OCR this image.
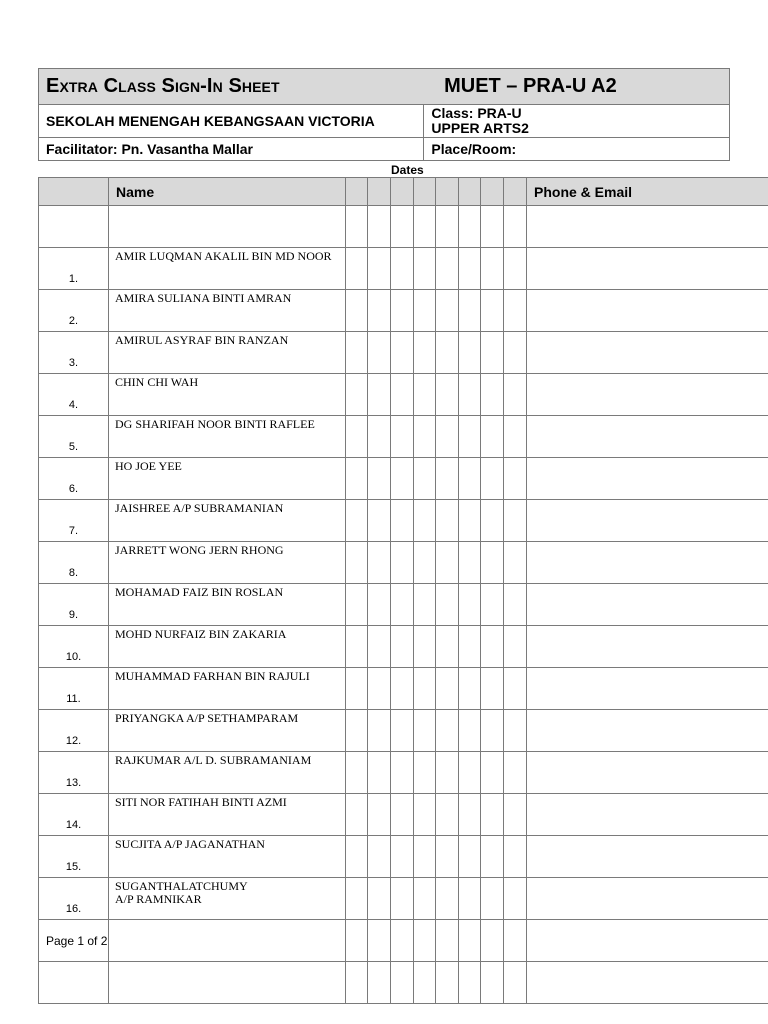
Extra Class Sign-In Sheet MUET – PRA-U A2	
SEKOLAH MENENGAH KEBANGSAAN VICTORIA	Class: PRA-U
UPPER ARTS2

Facilitator: Pn. Vasantha Mallar	Place/Room:
Dates
	Name									Phone & Email

1.	AMIR LUQMAN AKALIL BIN MD NOOR									
2.	AMIRA SULIANA BINTI AMRAN									
3.	AMIRUL ASYRAF BIN RANZAN									
4.	CHIN CHI WAH									
5.	DG SHARIFAH NOOR BINTI RAFLEE									
6.	HO JOE YEE									
7.	JAISHREE A/P SUBRAMANIAN									
8.	JARRETT WONG JERN RHONG									
9.	MOHAMAD FAIZ BIN ROSLAN									
10.	MOHD NURFAIZ BIN ZAKARIA									
11.	MUHAMMAD FARHAN BIN RAJULI									
12.	PRIYANGKA A/P SETHAMPARAM									
13.	RAJKUMAR A/L D. SUBRAMANIAM									
14.	SITI NOR FATIHAH BINTI AZMI									
15.	SUCJITA A/P JAGANATHAN									
16.	SUGANTHALATCHUMY
A/P RAMNIKAR									

Page 1 of 2
